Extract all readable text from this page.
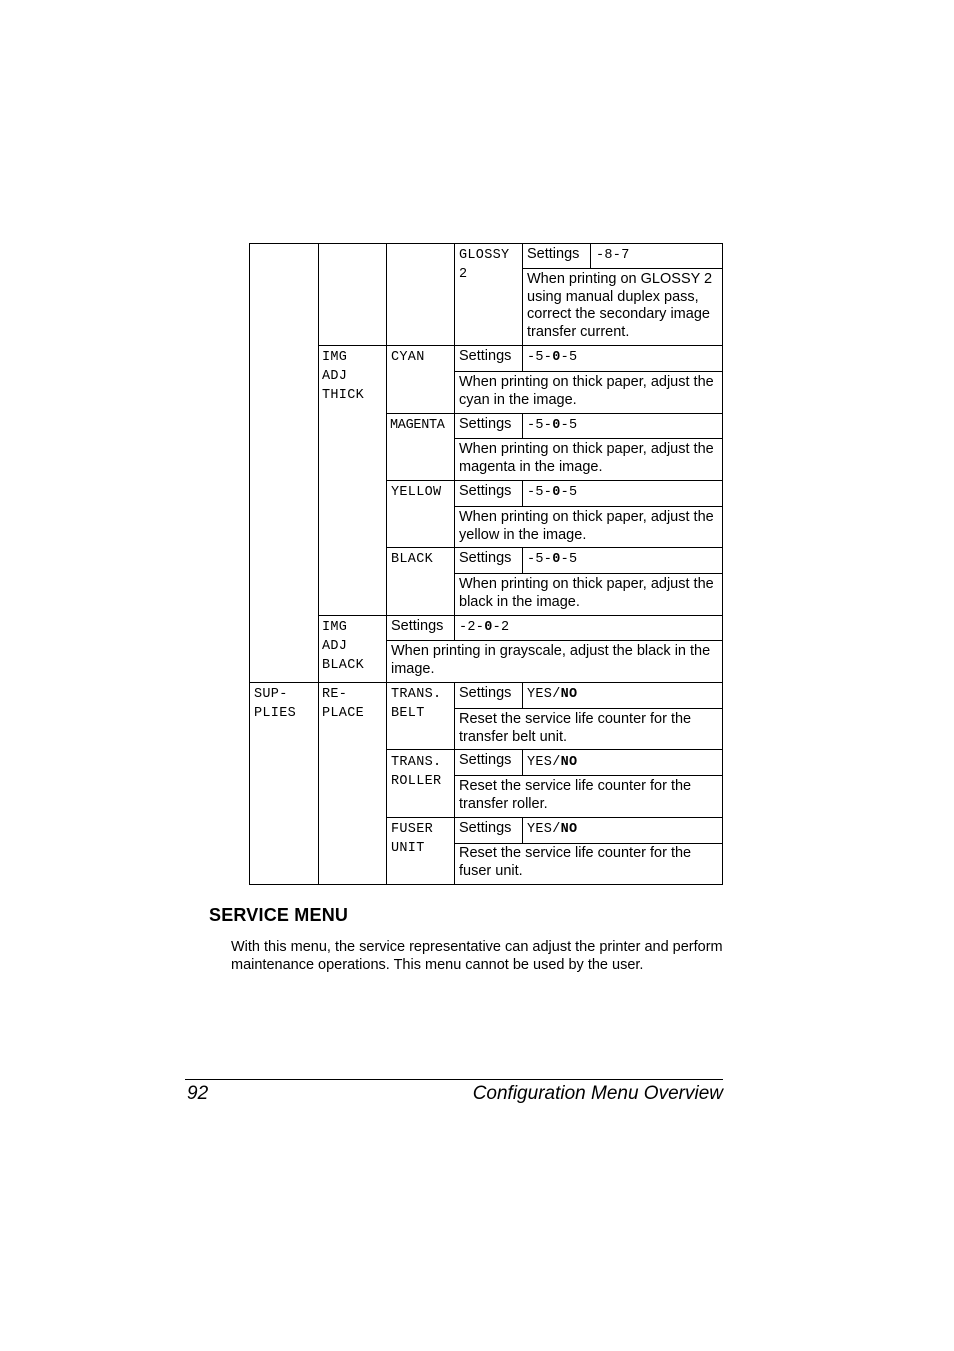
GLOSSY
2
Settings -8-7
When printing on GLOSSY 2 using manual duplex pass, correct the secondary image transfer current.
IMG
ADJ
THICK
CYAN Settings -5-0-5
When printing on thick paper, adjust the cyan in the image.
MAGENTA Settings -5-0-5
When printing on thick paper, adjust the magenta in the image.
YELLOW Settings -5-0-5
When printing on thick paper, adjust the yellow in the image.
BLACK Settings -5-0-5
When printing on thick paper, adjust the black in the image.
IMG
ADJ
BLACK
Settings -2-0-2
When printing in grayscale, adjust the black in the image.
SUP-
PLIES
RE-
PLACE
TRANS.
BELT
Settings YES/NO
Reset the service life counter for the transfer belt unit.
TRANS.
ROLLER
Settings YES/NO
Reset the service life counter for the transfer roller.
FUSER
UNIT
Settings YES/NO
Reset the service life counter for the fuser unit.
SERVICE MENU
With this menu, the service representative can adjust the printer and perform maintenance operations. This menu cannot be used by the user.
92	Configuration Menu Overview
